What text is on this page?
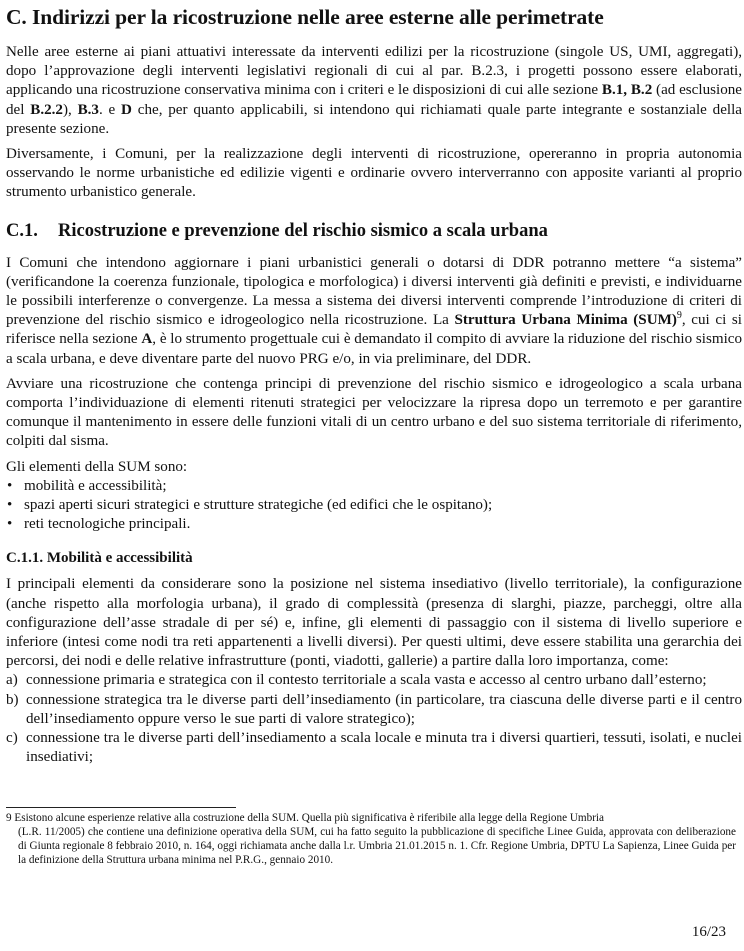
C. Indirizzi per la ricostruzione nelle aree esterne alle perimetrate

Nelle aree esterne ai piani attuativi interessate da interventi edilizi per la ricostruzione (singole US, UMI, aggregati), dopo l’approvazione degli interventi legislativi regionali di cui al par. B.2.3, i progetti possono essere elaborati, applicando una ricostruzione conservativa minima con i criteri e le disposizioni di cui alle sezione B.1, B.2 (ad esclusione del B.2.2), B.3. e D che, per quanto applicabili, si intendono qui richiamati quale parte integrante e sostanziale della presente sezione.

Diversamente, i Comuni, per la realizzazione degli interventi di ricostruzione, opereranno in propria autonomia osservando le norme urbanistiche ed edilizie vigenti e ordinarie ovvero interverranno con apposite varianti al proprio strumento urbanistico generale.

C.1. Ricostruzione e prevenzione del rischio sismico a scala urbana

I Comuni che intendono aggiornare i piani urbanistici generali o dotarsi di DDR potranno mettere “a sistema” (verificandone la coerenza funzionale, tipologica e morfologica) i diversi interventi già definiti e previsti, e individuarne le possibili interferenze o convergenze. La messa a sistema dei diversi interventi comprende l’introduzione di criteri di prevenzione del rischio sismico e idrogeologico nella ricostruzione. La Struttura Urbana Minima (SUM)$^9$, cui ci si riferisce nella sezione A, è lo strumento progettuale cui è demandato il compito di avviare la riduzione del rischio sismico a scala urbana, e deve diventare parte del nuovo PRG e/o, in via preliminare, del DDR.

Avviare una ricostruzione che contenga principi di prevenzione del rischio sismico e idrogeologico a scala urbana comporta l’individuazione di elementi ritenuti strategici per velocizzare la ripresa dopo un terremoto e per garantire comunque il mantenimento in essere delle funzioni vitali di un centro urbano e del suo sistema territoriale di riferimento, colpiti dal sisma.

Gli elementi della SUM sono:

• mobilità e accessibilità;
• spazi aperti sicuri strategici e strutture strategiche (ed edifici che le ospitano);
• reti tecnologiche principali.
C.1.1. Mobilità e accessibilità

I principali elementi da considerare sono la posizione nel sistema insediativo (livello territoriale), la configurazione (anche rispetto alla morfologia urbana), il grado di complessità (presenza di slarghi, piazze, parcheggi, oltre alla configurazione dell’asse stradale di per sé) e, infine, gli elementi di passaggio con il sistema di livello superiore e inferiore (intesi come nodi tra reti appartenenti a livelli diversi). Per questi ultimi, deve essere stabilita una gerarchia dei percorsi, dei nodi e delle relative infrastrutture (ponti, viadotti, gallerie) a partire dalla loro importanza, come:

a) connessione primaria e strategica con il contesto territoriale a scala vasta e accesso al centro urbano dall’esterno;
b) connessione strategica tra le diverse parti dell’insediamento (in particolare, tra ciascuna delle diverse parti e il centro dell’insediamento oppure verso le sue parti di valore strategico);
c) connessione tra le diverse parti dell’insediamento a scala locale e minuta tra i diversi quartieri, tessuti, isolati, e nuclei insediativi;
9 Esistono alcune esperienze relative alla costruzione della SUM. Quella più significativa è riferibile alla legge della Regione Umbria
(L.R. 11/2005) che contiene una definizione operativa della SUM, cui ha fatto seguito la pubblicazione di specifiche Linee Guida, approvata con deliberazione di Giunta regionale 8 febbraio 2010, n. 164, oggi richiamata anche dalla l.r. Umbria 21.01.2015 n. 1. Cfr. Regione Umbria, DPTU La Sapienza, Linee Guida per la definizione della Struttura urbana minima nel P.R.G., gennaio 2010.
16/23
